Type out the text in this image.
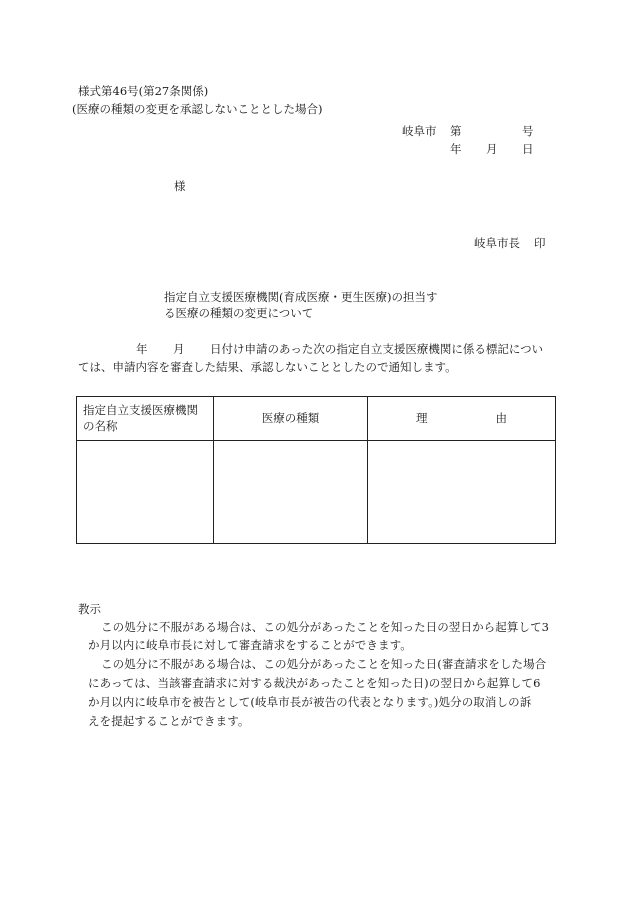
様式第46号(第27条関係)
(医療の種類の変更を承認しないこととした場合)
岐阜市 第	号
年 月 日
様
岐阜市長 印
指定自立支援医療機関(育成医療・更生医療)の担当す
る医療の種類の変更について
年 月 日付け申請のあった次の指定自立支援医療機関に係る標記につい
ては、申請内容を審査した結果、承認しないこととしたので通知します。
指定自立支援医療機関
の名称	医療の種類	理 由

教示
この処分に不服がある場合は、この処分があったことを知った日の翌日から起算して3
か月以内に岐阜市長に対して審査請求をすることができます。
この処分に不服がある場合は、この処分があったことを知った日(審査請求をした場合
にあっては、当該審査請求に対する裁決があったことを知った日)の翌日から起算して6
か月以内に岐阜市を被告として(岐阜市長が被告の代表となります。)処分の取消しの訴
えを提起することができます。
